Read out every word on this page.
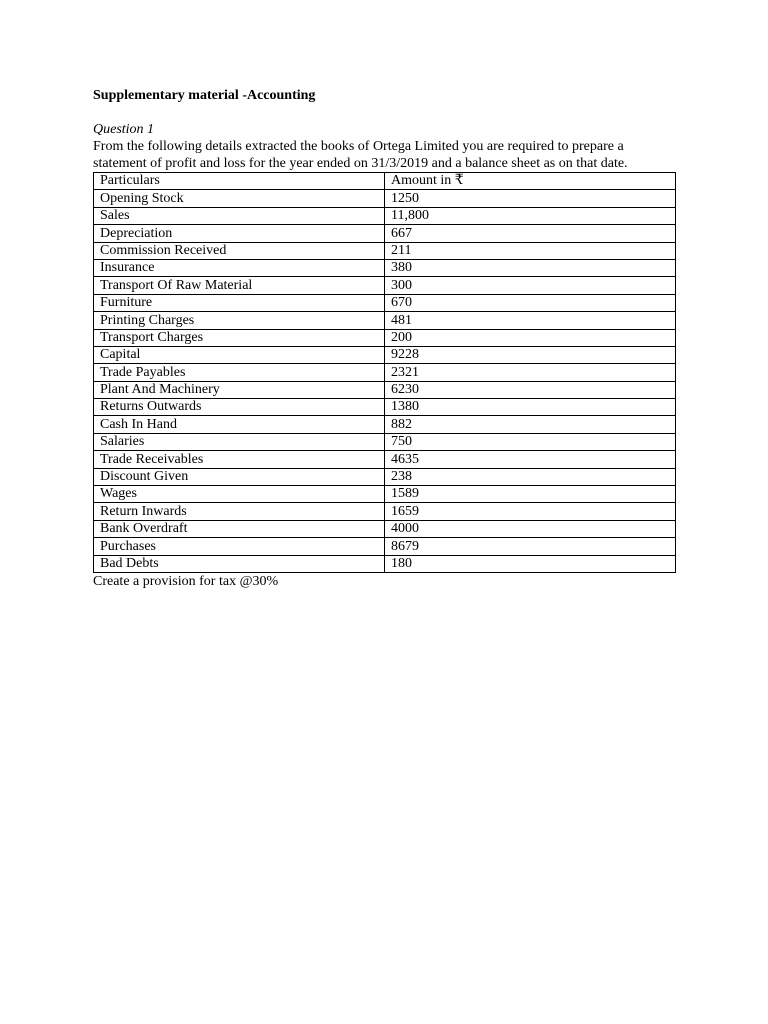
Supplementary material -Accounting

Question 1

From the following details extracted the books of Ortega Limited you are required to prepare a statement of profit and loss for the year ended on 31/3/2019 and a balance sheet as on that date.

Particulars	Amount in ₹
Opening Stock	1250
Sales	11,800
Depreciation	667
Commission Received	211
Insurance	380
Transport Of Raw Material	300
Furniture	670
Printing Charges	481
Transport Charges	200
Capital	9228
Trade Payables	2321
Plant And Machinery	6230
Returns Outwards	1380
Cash In Hand	882
Salaries	750
Trade Receivables	4635
Discount Given	238
Wages	1589
Return Inwards	1659
Bank Overdraft	4000
Purchases	8679
Bad Debts	180

Create a provision for tax @30%
